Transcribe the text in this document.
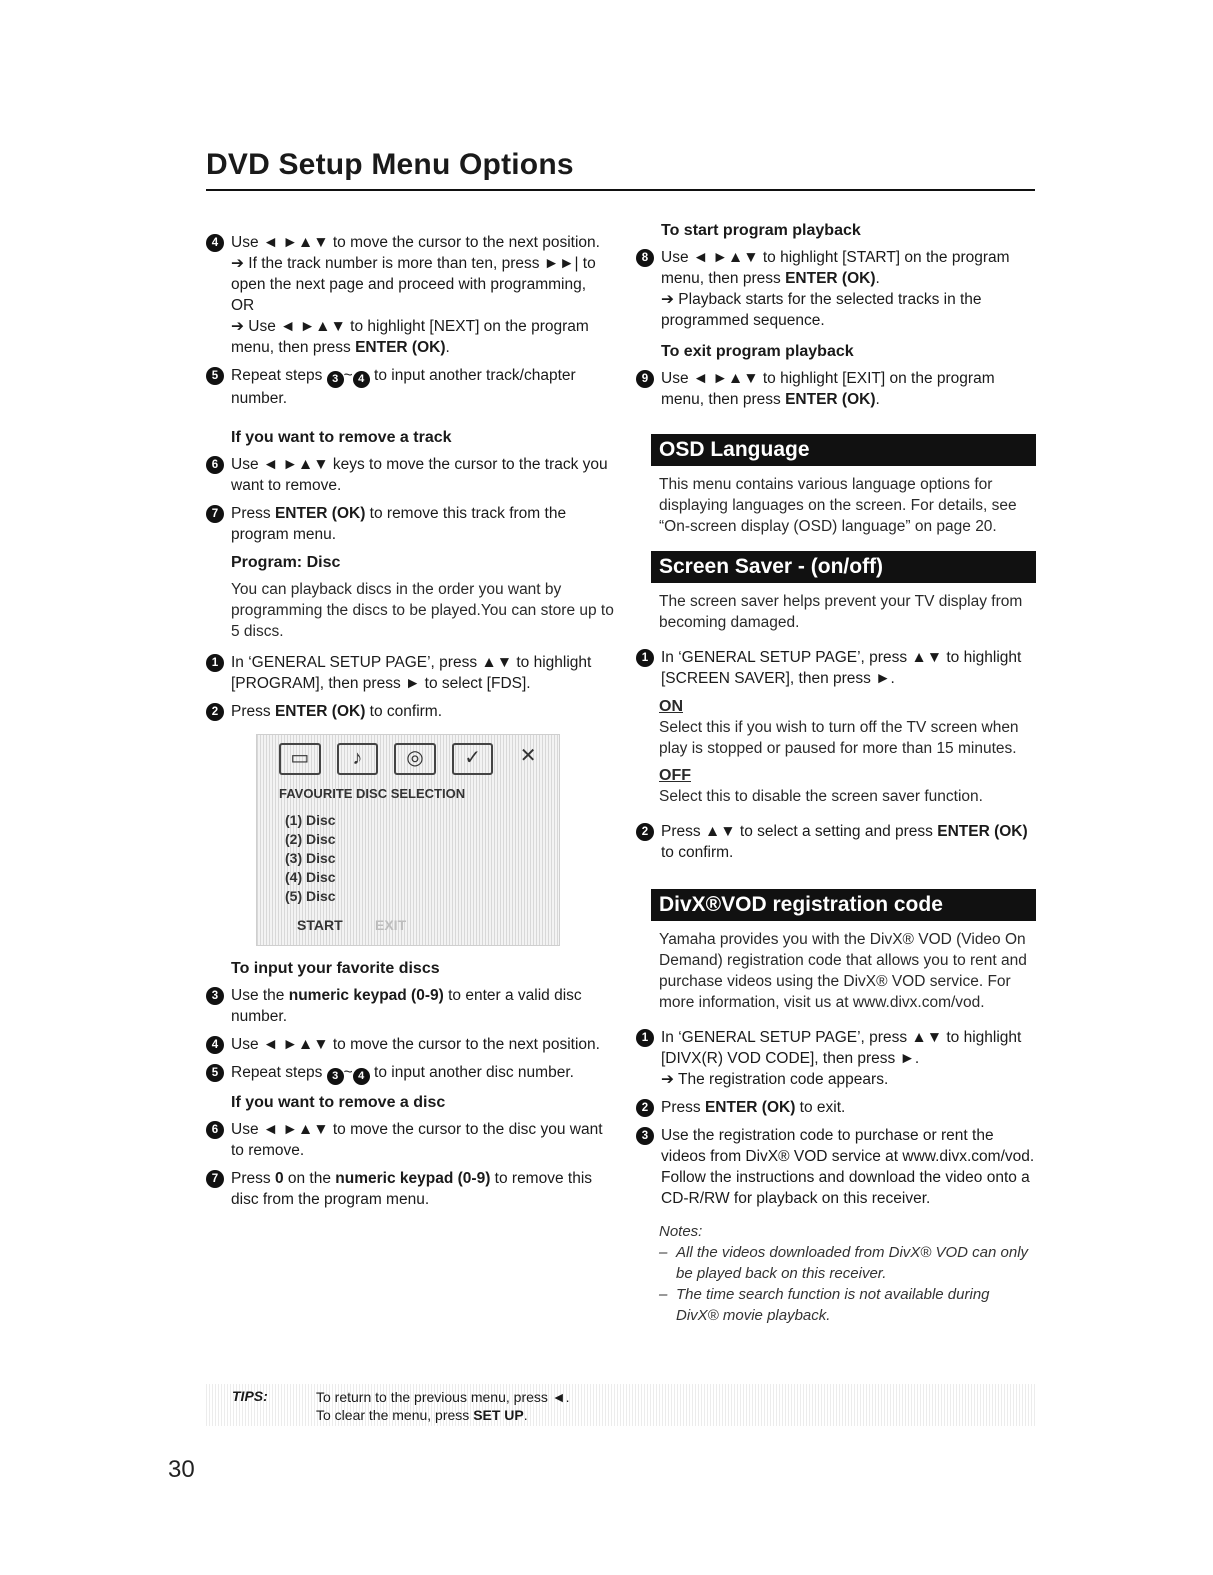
DVD Setup Menu Options
4 Use ◄ ►▲▼ to move the cursor to the next position.
➔ If the track number is more than ten, press ►►| to open the next page and proceed with programming,
OR
➔ Use ◄ ►▲▼ to highlight [NEXT] on the program menu, then press ENTER (OK).
5 Repeat steps 3 ~ 4 to input another track/chapter number.
If you want to remove a track
6 Use ◄ ►▲▼ keys to move the cursor to the track you want to remove.
7 Press ENTER (OK) to remove this track from the program menu.
Program: Disc
You can playback discs in the order you want by programming the discs to be played.You can store up to 5 discs.
1 In ‘GENERAL SETUP PAGE’, press ▲▼ to highlight [PROGRAM], then press ► to select [FDS].
2 Press ENTER (OK) to confirm.
▭	♪	◎	✓	✕
FAVOURITE DISC SELECTION
(1) Disc
(2) Disc
(3) Disc
(4) Disc
(5) Disc
START EXIT
To input your favorite discs
3 Use the numeric keypad (0-9) to enter a valid disc number.
4 Use ◄ ►▲▼ to move the cursor to the next position.
5 Repeat steps 3 ~ 4 to input another disc number.
If you want to remove a disc
6 Use ◄ ►▲▼ to move the cursor to the disc you want to remove.
7 Press 0 on the numeric keypad (0-9) to remove this disc from the program menu.
To start program playback
8 Use ◄ ►▲▼ to highlight [START] on the program menu, then press ENTER (OK).
➔ Playback starts for the selected tracks in the programmed sequence.
To exit program playback
9 Use ◄ ►▲▼ to highlight [EXIT] on the program menu, then press ENTER (OK).
OSD Language
This menu contains various language options for displaying languages on the screen. For details, see “On-screen display (OSD) language” on page 20.
Screen Saver - (on/off)
The screen saver helps prevent your TV display from becoming damaged.
1 In ‘GENERAL SETUP PAGE’, press ▲▼ to highlight [SCREEN SAVER], then press ►.
ON
Select this if you wish to turn off the TV screen when play is stopped or paused for more than 15 minutes.
OFF
Select this to disable the screen saver function.
2 Press ▲▼ to select a setting and press ENTER (OK) to confirm.
DivX®VOD registration code
Yamaha provides you with the DivX® VOD (Video On Demand) registration code that allows you to rent and purchase videos using the DivX® VOD service. For more information, visit us at www.divx.com/vod.
1 In ‘GENERAL SETUP PAGE’, press ▲▼ to highlight [DIVX(R) VOD CODE], then press ►.
➔ The registration code appears.
2 Press ENTER (OK) to exit.
3 Use the registration code to purchase or rent the videos from DivX® VOD service at www.divx.com/vod. Follow the instructions and download the video onto a CD-R/RW for playback on this receiver.
Notes:
– All the videos downloaded from DivX® VOD can only be played back on this receiver.
– The time search function is not available during DivX® movie playback.
TIPS:	To return to the previous menu, press ◄.
To clear the menu, press SET UP.
30
